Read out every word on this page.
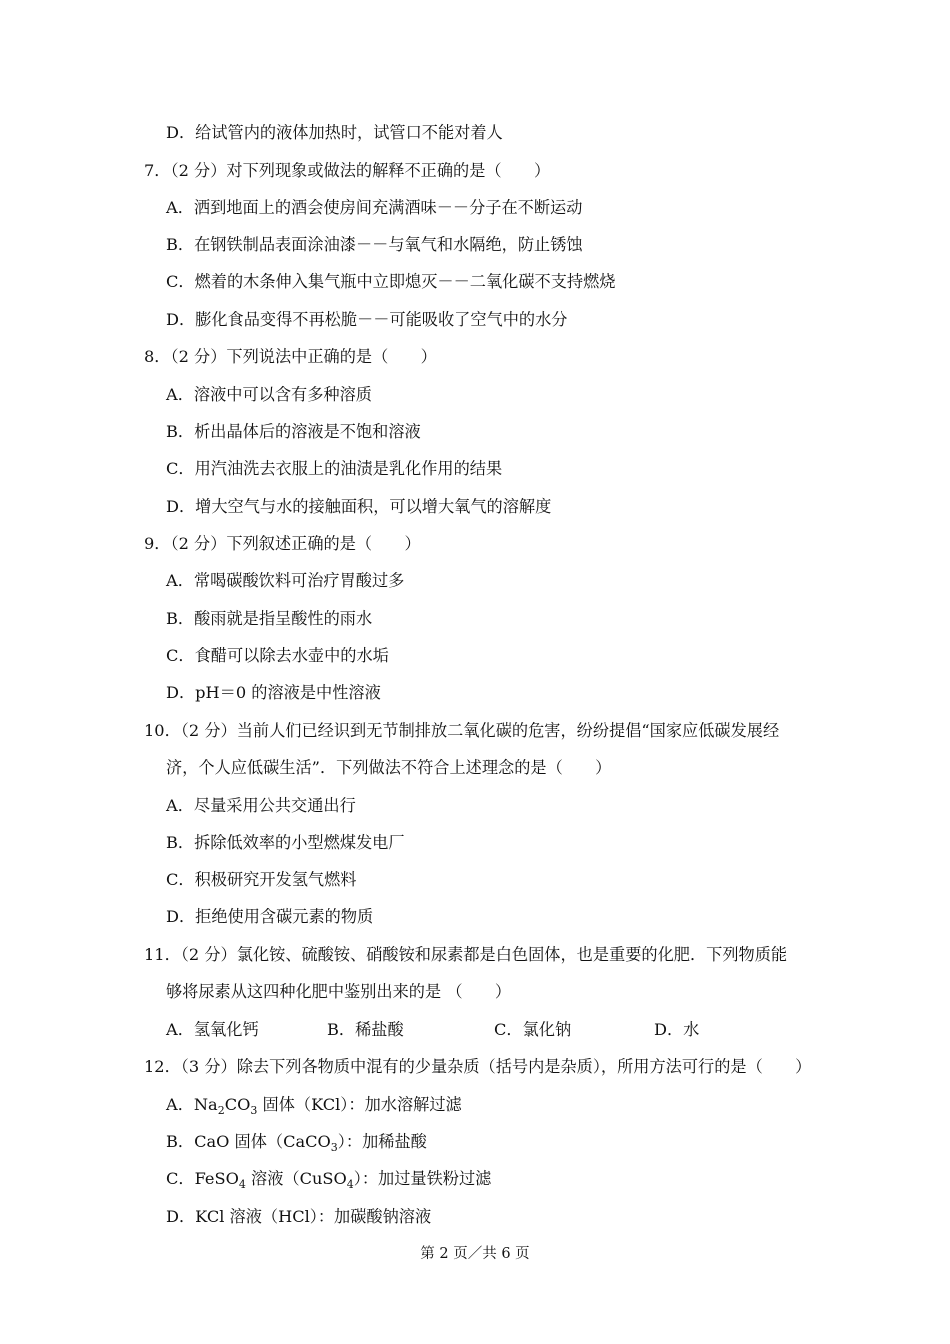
D．给试管内的液体加热时，试管口不能对着人
7．（2 分）对下列现象或做法的解释不正确的是（　　）
A．洒到地面上的酒会使房间充满酒味－－分子在不断运动
B．在钢铁制品表面涂油漆－－与氧气和水隔绝，防止锈蚀
C．燃着的木条伸入集气瓶中立即熄灭－－二氧化碳不支持燃烧
D．膨化食品变得不再松脆－－可能吸收了空气中的水分
8．（2 分）下列说法中正确的是（　　）
A．溶液中可以含有多种溶质
B．析出晶体后的溶液是不饱和溶液
C．用汽油洗去衣服上的油渍是乳化作用的结果
D．增大空气与水的接触面积，可以增大氧气的溶解度
9．（2 分）下列叙述正确的是（　　）
A．常喝碳酸饮料可治疗胃酸过多
B．酸雨就是指呈酸性的雨水
C．食醋可以除去水壶中的水垢
D．pH＝0 的溶液是中性溶液
10．（2 分）当前人们已经识到无节制排放二氧化碳的危害，纷纷提倡“国家应低碳发展经
济，个人应低碳生活”．下列做法不符合上述理念的是（　　）
A．尽量采用公共交通出行
B．拆除低效率的小型燃煤发电厂
C．积极研究开发氢气燃料
D．拒绝使用含碳元素的物质
11．（2 分）氯化铵、硫酸铵、硝酸铵和尿素都是白色固体，也是重要的化肥．下列物质能
够将尿素从这四种化肥中鉴别出来的是 （　　）
A．氢氧化钙	B．稀盐酸	C．氯化钠	D．水
12．（3 分）除去下列各物质中混有的少量杂质（括号内是杂质），所用方法可行的是（　　）
A．$Na_2CO_3$ 固体（KCl）：加水溶解过滤
B．CaO 固体（CaCO$_3$）：加稀盐酸
C．FeSO$_4$ 溶液（CuSO$_4$）：加过量铁粉过滤
D．KCl 溶液（HCl）：加碳酸钠溶液
第 2 页／共 6 页
